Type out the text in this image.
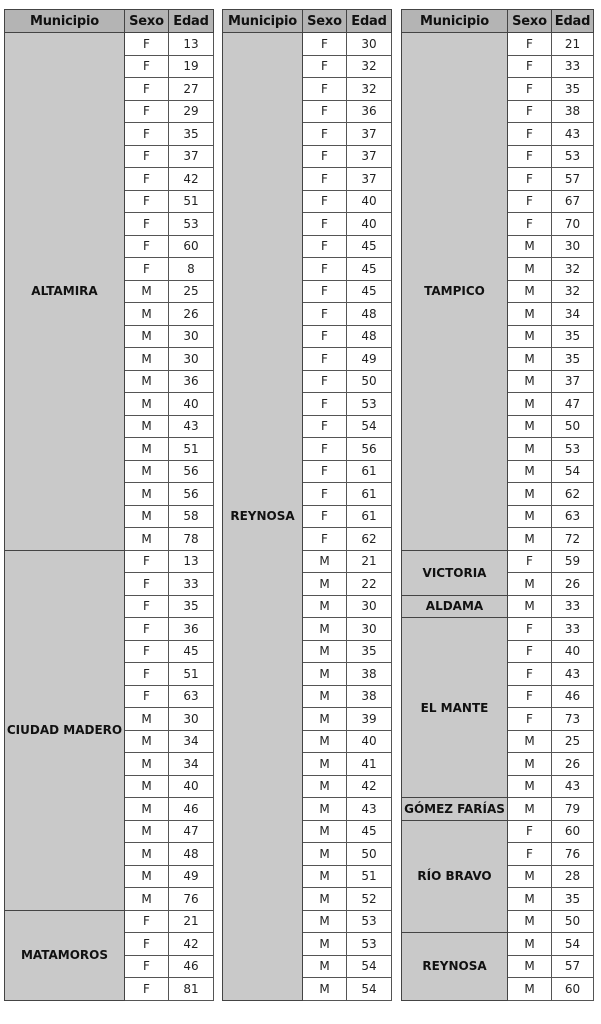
Municipio	Sexo	Edad
ALTAMIRA	F	13
	F	19
	F	27
	F	29
	F	35
	F	37
	F	42
	F	51
	F	53
	F	60
	F	8
	M	25
	M	26
	M	30
	M	30
	M	36
	M	40
	M	43
	M	51
	M	56
	M	56
	M	58
	M	78
CIUDAD MADERO	F	13
	F	33
	F	35
	F	36
	F	45
	F	51
	F	63
	M	30
	M	34
	M	34
	M	40
	M	46
	M	47
	M	48
	M	49
	M	76
MATAMOROS	F	21
	F	42
	F	46
	F	81
Municipio	Sexo	Edad
REYNOSA	F	30
	F	32
	F	32
	F	36
	F	37
	F	37
	F	37
	F	40
	F	40
	F	45
	F	45
	F	45
	F	48
	F	48
	F	49
	F	50
	F	53
	F	54
	F	56
	F	61
	F	61
	F	61
	F	62
	M	21
	M	22
	M	30
	M	30
	M	35
	M	38
	M	38
	M	39
	M	40
	M	41
	M	42
	M	43
	M	45
	M	50
	M	51
	M	52
	M	53
	M	53
	M	54
	M	54
Municipio	Sexo	Edad
TAMPICO	F	21
	F	33
	F	35
	F	38
	F	43
	F	53
	F	57
	F	67
	F	70
	M	30
	M	32
	M	32
	M	34
	M	35
	M	35
	M	37
	M	47
	M	50
	M	53
	M	54
	M	62
	M	63
	M	72
VICTORIA	F	59
	M	26
ALDAMA	M	33
EL MANTE	F	33
	F	40
	F	43
	F	46
	F	73
	M	25
	M	26
	M	43
GÓMEZ FARÍAS	M	79
RÍO BRAVO	F	60
	F	76
	M	28
	M	35
	M	50
REYNOSA	M	54
	M	57
	M	60
